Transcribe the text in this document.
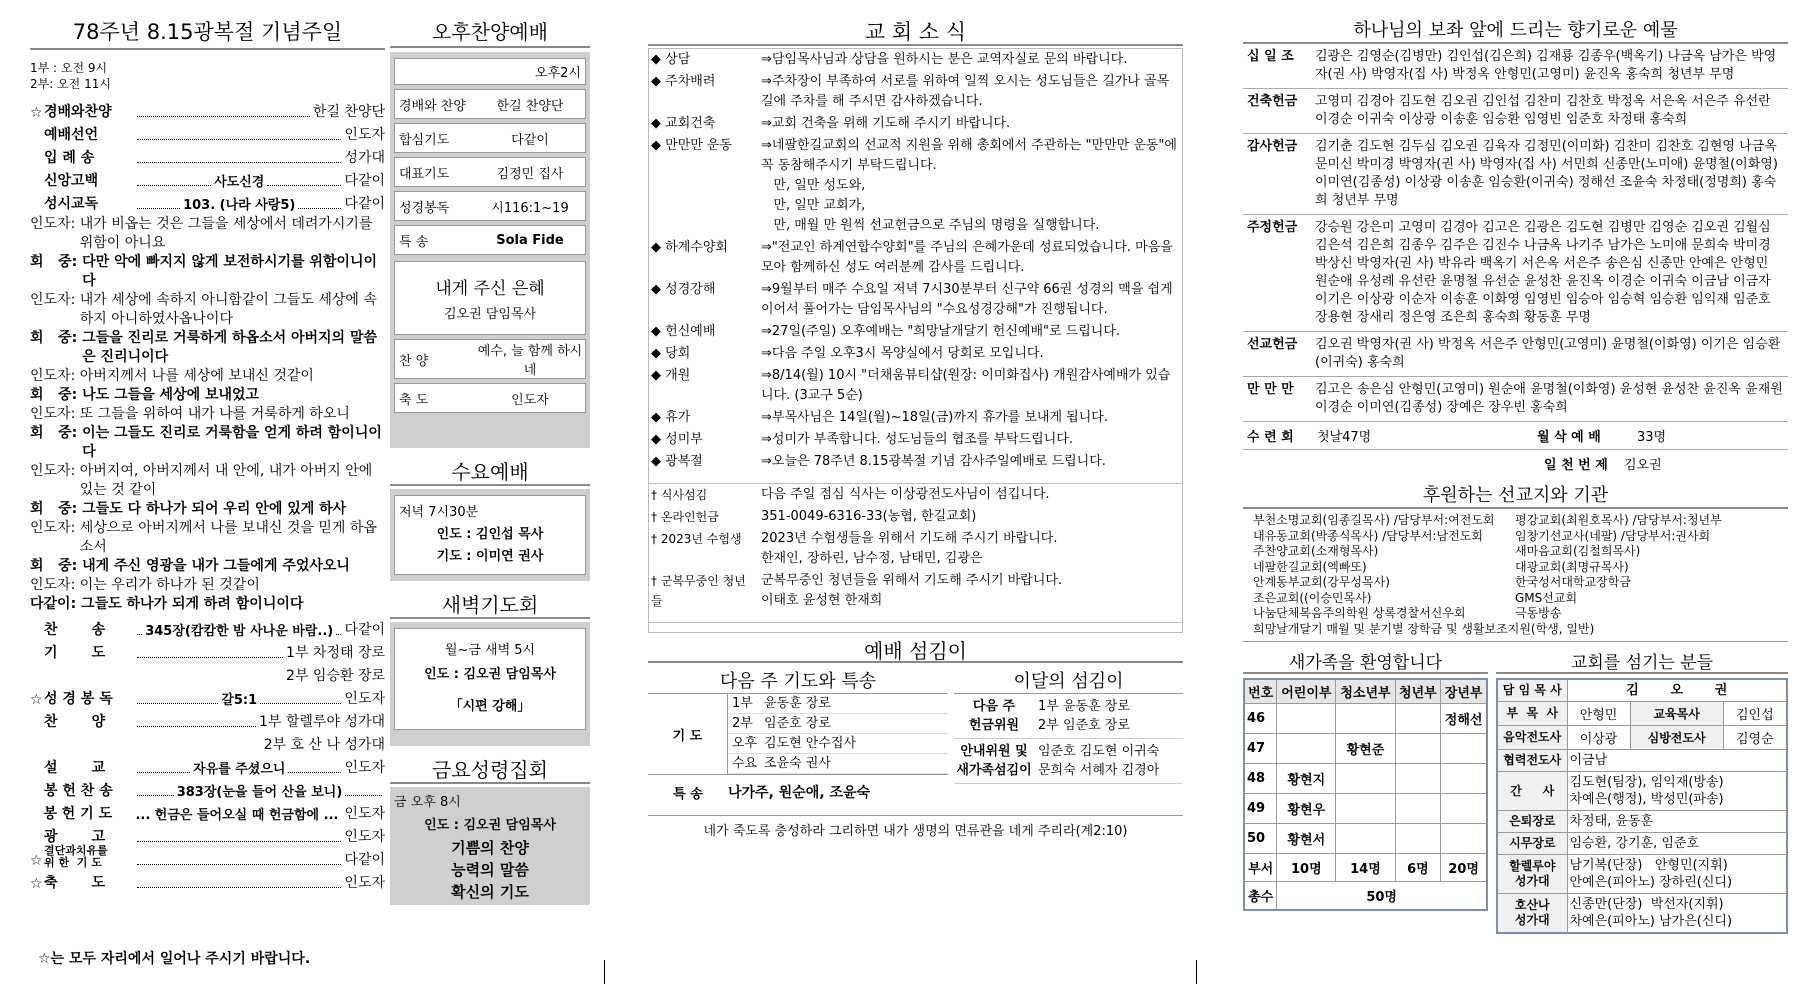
78주년 8.15광복절 기념주일
1부 : 오전 9시
2부: 오전 11시
☆ 경배와찬양	한길 찬양단
예배선언	인도자
입 례 송	성가대
신앙고백	사도신경	다같이
성시교독	103. (나라 사랑5)	다같이
인도자: 내가 비옵는 것은 그들을 세상에서 데려가시기를 위함이 아니요
회   중: 다만 악에 빠지지 않게 보전하시기를 위함이니이다
인도자: 내가 세상에 속하지 아니함같이 그들도 세상에 속하지 아니하였사옵나이다
회   중: 그들을 진리로 거룩하게 하옵소서 아버지의 말씀은 진리니이다
인도자: 아버지께서 나를 세상에 보내신 것같이
회   중: 나도 그들을 세상에 보내었고
인도자: 또 그들을 위하여 내가 나를 거룩하게 하오니
회   중: 이는 그들도 진리로 거룩함을 얻게 하려 함이니이다
인도자: 아버지여, 아버지께서 내 안에, 내가 아버지 안에 있는 것 같이
회   중: 그들도 다 하나가 되어 우리 안에 있게 하사
인도자: 세상으로 아버지께서 나를 보내신 것을 믿게 하옵소서
회   중: 내게 주신 영광을 내가 그들에게 주었사오니
인도자: 이는 우리가 하나가 된 것같이
다같이: 그들도 하나가 되게 하려 함이니이다
찬       송	345장(캄캄한 밤 사나운 바람..) 다같이
기       도	1부 차정태 장로
2부 임승환 장로
☆ 성 경 봉 독	갈5:1	인도자
찬       양	1부 할렐루야 성가대
2부 호 산 나 성가대
설       교	자유를 주셨으니	인도자
봉 헌 찬 송	383장(눈을 들어 산을 보니)
봉 헌 기 도	... 헌금은 들어오실 때 헌금함에 ... 인도자
광       고	인도자
☆
결단과치유를
위 한  기 도	다같이
☆ 축       도	인도자
☆는 모두 자리에서 일어나 주시기 바랍니다.
오후찬양예배
오후2시
경배와 찬양	한길 찬양단
합심기도	다같이
대표기도	김정민 집사
성경봉독	시116:1~19
특 송	Sola Fide
내게 주신 은혜
김오권 담임목사
찬 양
예수, 늘 함께 하시네
축 도	인도자
수요예배
저녁 7시30분
인도 : 김인섭 목사
기도 : 이미연 권사
새벽기도회
월~금 새벽 5시
인도 : 김오권 담임목사
「시편 강해」
금요성령집회
금 오후 8시
인도 : 김오권 담임목사
기쁨의 찬양
능력의 말씀
확신의 기도
교 회 소 식
◆ 상담	⇒담임목사님과 상담을 원하시는 분은 교역자실로 문의 바랍니다.
◆ 주차배려	⇒주차장이 부족하여 서로를 위하여 일찍 오시는 성도님들은 길가나 골목길에 주차를 해 주시면 감사하겠습니다.
◆ 교회건축	⇒교회 건축을 위해 기도해 주시기 바랍니다.
◆ 만만만 운동	⇒네팔한길교회의 선교적 지원을 위해 총회에서 주관하는 "만만만 운동"에 꼭 동참해주시기 부탁드립니다.
만, 일만 성도와,
만, 일만 교회가,
만, 매월 만 원씩 선교헌금으로 주님의 명령을 실행합니다.
◆ 하계수양회	⇒"전교인 하계연합수양회"를 주님의 은혜가운데 성료되었습니다. 마음을 모아 함께하신 성도 여러분께 감사를 드립니다.
◆ 성경강해	⇒9월부터 매주 수요일 저녁 7시30분부터 신구약 66권 성경의 맥을 쉽게 이어서 풀어가는 담임목사님의 "수요성경강해"가 진행됩니다.
◆ 헌신예배	⇒27일(주일) 오후예배는 "희망날개달기 헌신예배"로 드립니다.
◆ 당회	⇒다음 주일 오후3시 목양실에서 당회로 모입니다.
◆ 개원	⇒8/14(월) 10시 "더채움뷰티샵(원장: 이미화집사) 개원감사예배가 있습니다. (3교구 5순)
◆ 휴가	⇒부목사님은 14일(월)~18일(금)까지 휴가를 보내게 됩니다.
◆ 성미부	⇒성미가 부족합니다. 성도님들의 협조를 부탁드립니다.
◆ 광복절	⇒오늘은 78주년 8.15광복절 기념 감사주일예배로 드립니다.
† 식사섬김	다음 주일 점심 식사는 이상광전도사님이 섬깁니다.
† 온라인헌금	351-0049-6316-33(농협, 한길교회)
† 2023년 수험생	2023년 수험생들을 위해서 기도해 주시기 바랍니다.
한재인, 장하린, 남수정, 남태민, 김광은
† 군복무중인 청년들	군복무중인 청년들을 위해서 기도해 주시기 바랍니다.
이태호 윤성현 한재희
예배 섬김이
다음 주 기도와 특송
기 도
1부 윤동훈 장로
2부 임준호 장로
오후 김도현 안수집사
수요 조윤숙 권사
특 송	나가주, 원순애, 조윤숙
이달의 섬김이
다음 주
헌금위원
1부 윤동훈 장로
2부 임준호 장로
안내위원 및
새가족섬김이
임준호 김도현 이귀숙
문희숙 서혜자 김경아
네가 죽도록 충성하라 그리하면 내가 생명의 면류관을 네게 주리라(계2:10)
하나님의 보좌 앞에 드리는 향기로운 예물
십 일 조	김광은 김영순(김병만) 김인섭(김은희) 김재룡 김종우(백옥기) 나금옥 남가은 박영자(권 사) 박영자(집 사) 박정옥 안형민(고영미) 윤진옥 홍숙희 청년부 무명
건축헌금	고영미 김경아 김도현 김오권 김인섭 김찬미 김찬호 박정옥 서은옥 서은주 유선란 이경순 이귀숙 이상광 이송훈 임승환 임영빈 임준호 차정태 홍숙희
감사헌금	김기춘 김도현 김두심 김오권 김육자 김정민(이미화) 김찬미 김찬호 김현영 나금옥 문미신 박미경 박영자(권 사) 박영자(집 사) 서민희 신종만(노미애) 윤명철(이화영) 이미연(김종성) 이상광 이송훈 임승환(이귀숙) 정해선 조윤숙 차정태(정명희) 홍숙희 청년부 무명
주정헌금	강승원 강은미 고영미 김경아 김고은 김광은 김도현 김병만 김영순 김오권 김월심 김은석 김은희 김종우 김주은 김진수 나금옥 나기주 남가은 노미애 문희숙 박미경 박상신 박영자(권 사) 박유라 백옥기 서은옥 서은주 송은심 신종만 안예은 안형민 원순애 유성례 유선란 윤명철 유선순 윤성찬 윤진옥 이경순 이귀숙 이금남 이금자 이기은 이상광 이순자 이송훈 이화영 임영빈 임승아 임승혁 임승환 임익재 임준호 장용현 장새리 정은영 조은희 홍숙희 황동훈 무명
선교헌금	김오권 박영자(권 사) 박정옥 서은주 안형민(고영미) 윤명철(이화영) 이기은 임승환(이귀숙) 홍숙희
만 만 만	김고은 송은심 안형민(고영미) 원순애 윤명철(이화영) 윤성현 윤성찬 윤진옥 윤재원 이경순 이미연(김종성) 장예은 장우빈 홍숙희
수 련 회	첫날47명	월 삭 예 배	33명
일 천 번 제	김오권
후원하는 선교지와 기관
부천소명교회(임종길목사) /담당부서:여전도회
내유동교회(박종식목사) /담당부서:남전도회
주찬양교회(소재형목사)
네팔한길교회(엑빠또)
안계동부교회(강무성목사)
조은교회((이승민목사)
나눔단체복음주의학원 상록경찰서신우회
희망날개달기 매월 및 분기별 장학금 및 생활보조지원(학생, 일반)
평강교회(최원호목사) /담당부서:청년부
임창기선교사(네팔) /담당부서:권사회
새마음교회(김철희목사)
대광교회(최명규목사)
한국성서대학교장학금
GMS선교회
극동방송
새가족을 환영합니다
번호	어린이부	청소년부	청년부	장년부
46				정해선
47		황현준		
48	황현지			
49	황현우			
50	황현서			
부서	10명	14명	6명	20명
총수	50명			
교회를 섬기는 분들
담 임 목 사	김       오       권		
부  목  사	안형민	교육목사	김인섭
음악전도사	이상광	심방전도사	김영순
협력전도사	이금남		
간     사	김도현(팀장), 임익재(방송)
차예은(행정), 박성민(파송)		
은퇴장로	차정태, 윤동훈		
시무장로	임승환, 강기훈, 임준호		
할렐루야
성가대	남기복(단장)   안형민(지휘)
안예은(피아노) 장하린(신디)		
호산나
성가대	신종만(단장)  박선자(지휘)
차예은(피아노) 남가은(신디)		
